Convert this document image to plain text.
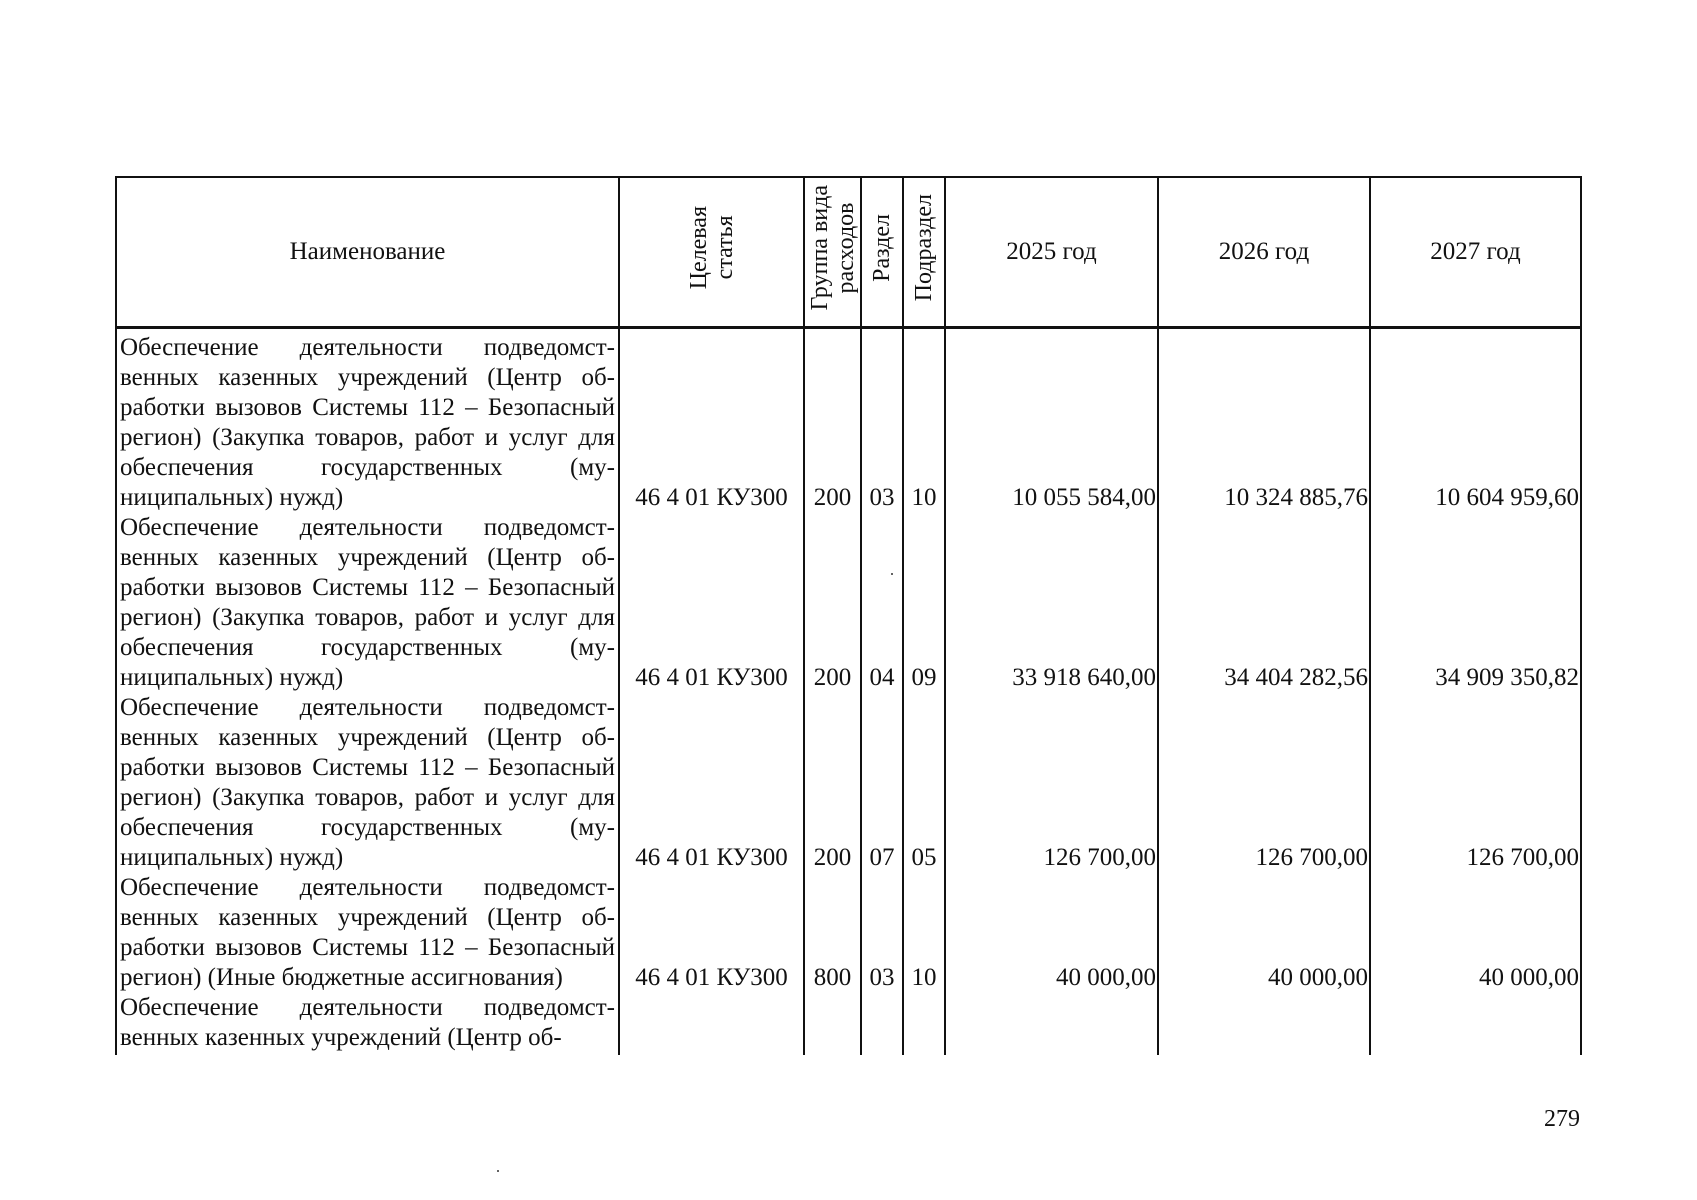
Наименование	Целевая статья	Группа вида расходов	Раздел	Подраздел	2025 год	2026 год	2027 год
Обеспечение деятельности подведомственных казенных учреждений (Центр обработки вызовов Системы 112 – Безопасный регион) (Закупка товаров, работ и услуг для обеспечения государственных (муниципальных) нужд)	46 4 01 КУ300	200	03	10	10 055 584,00	10 324 885,76	10 604 959,60
Обеспечение деятельности подведомственных казенных учреждений (Центр обработки вызовов Системы 112 – Безопасный регион) (Закупка товаров, работ и услуг для обеспечения государственных (муниципальных) нужд)	46 4 01 КУ300	200	04	09	33 918 640,00	34 404 282,56	34 909 350,82
Обеспечение деятельности подведомственных казенных учреждений (Центр обработки вызовов Системы 112 – Безопасный регион) (Закупка товаров, работ и услуг для обеспечения государственных (муниципальных) нужд)	46 4 01 КУ300	200	07	05	126 700,00	126 700,00	126 700,00
Обеспечение деятельности подведомственных казенных учреждений (Центр обработки вызовов Системы 112 – Безопасный регион) (Иные бюджетные ассигнования)	46 4 01 КУ300	800	03	10	40 000,00	40 000,00	40 000,00
Обеспечение деятельности подведомственных казенных учреждений (Центр об-							
279
